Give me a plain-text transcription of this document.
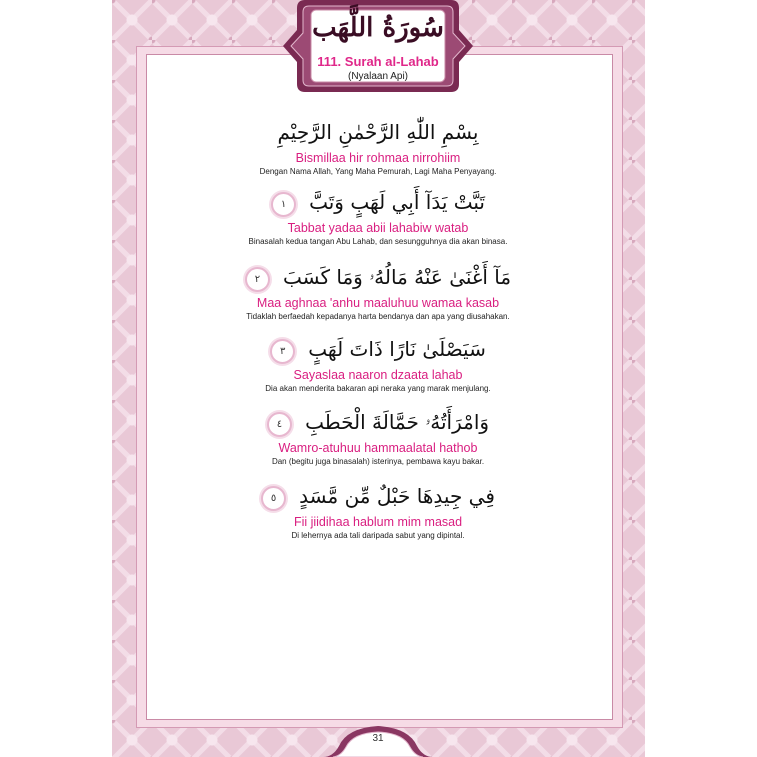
سُورَةُ اللَّهَب
111. Surah al-Lahab
(Nyalaan Api)
بِسْمِ اللّٰهِ الرَّحْمٰنِ الرَّحِيْمِ
Bismillaa hir rohmaa nirrohiim
Dengan Nama Allah, Yang Maha Pemurah, Lagi Maha Penyayang.
١ تَبَّتْ يَدَآ أَبِي لَهَبٍ وَتَبَّ
Tabbat yadaa abii lahabiw watab
Binasalah kedua tangan Abu Lahab, dan sesungguhnya dia akan binasa.
٢ مَآ أَغْنَىٰ عَنْهُ مَالُهُۥ وَمَا كَسَبَ
Maa aghnaa 'anhu maaluhuu wamaa kasab
Tidaklah berfaedah kepadanya harta bendanya dan apa yang diusahakan.
٣ سَيَصْلَىٰ نَارًا ذَاتَ لَهَبٍ
Sayaslaa naaron dzaata lahab
Dia akan menderita bakaran api neraka yang marak menjulang.
٤ وَامْرَأَتُهُۥ حَمَّالَةَ الْحَطَبِ
Wamro-atuhuu hammaalatal hathob
Dan (begitu juga binasalah) isterinya, pembawa kayu bakar.
٥ فِي جِيدِهَا حَبْلٌ مِّن مَّسَدٍ
Fii jiidihaa hablum mim masad
Di lehernya ada tali daripada sabut yang dipintal.
31
